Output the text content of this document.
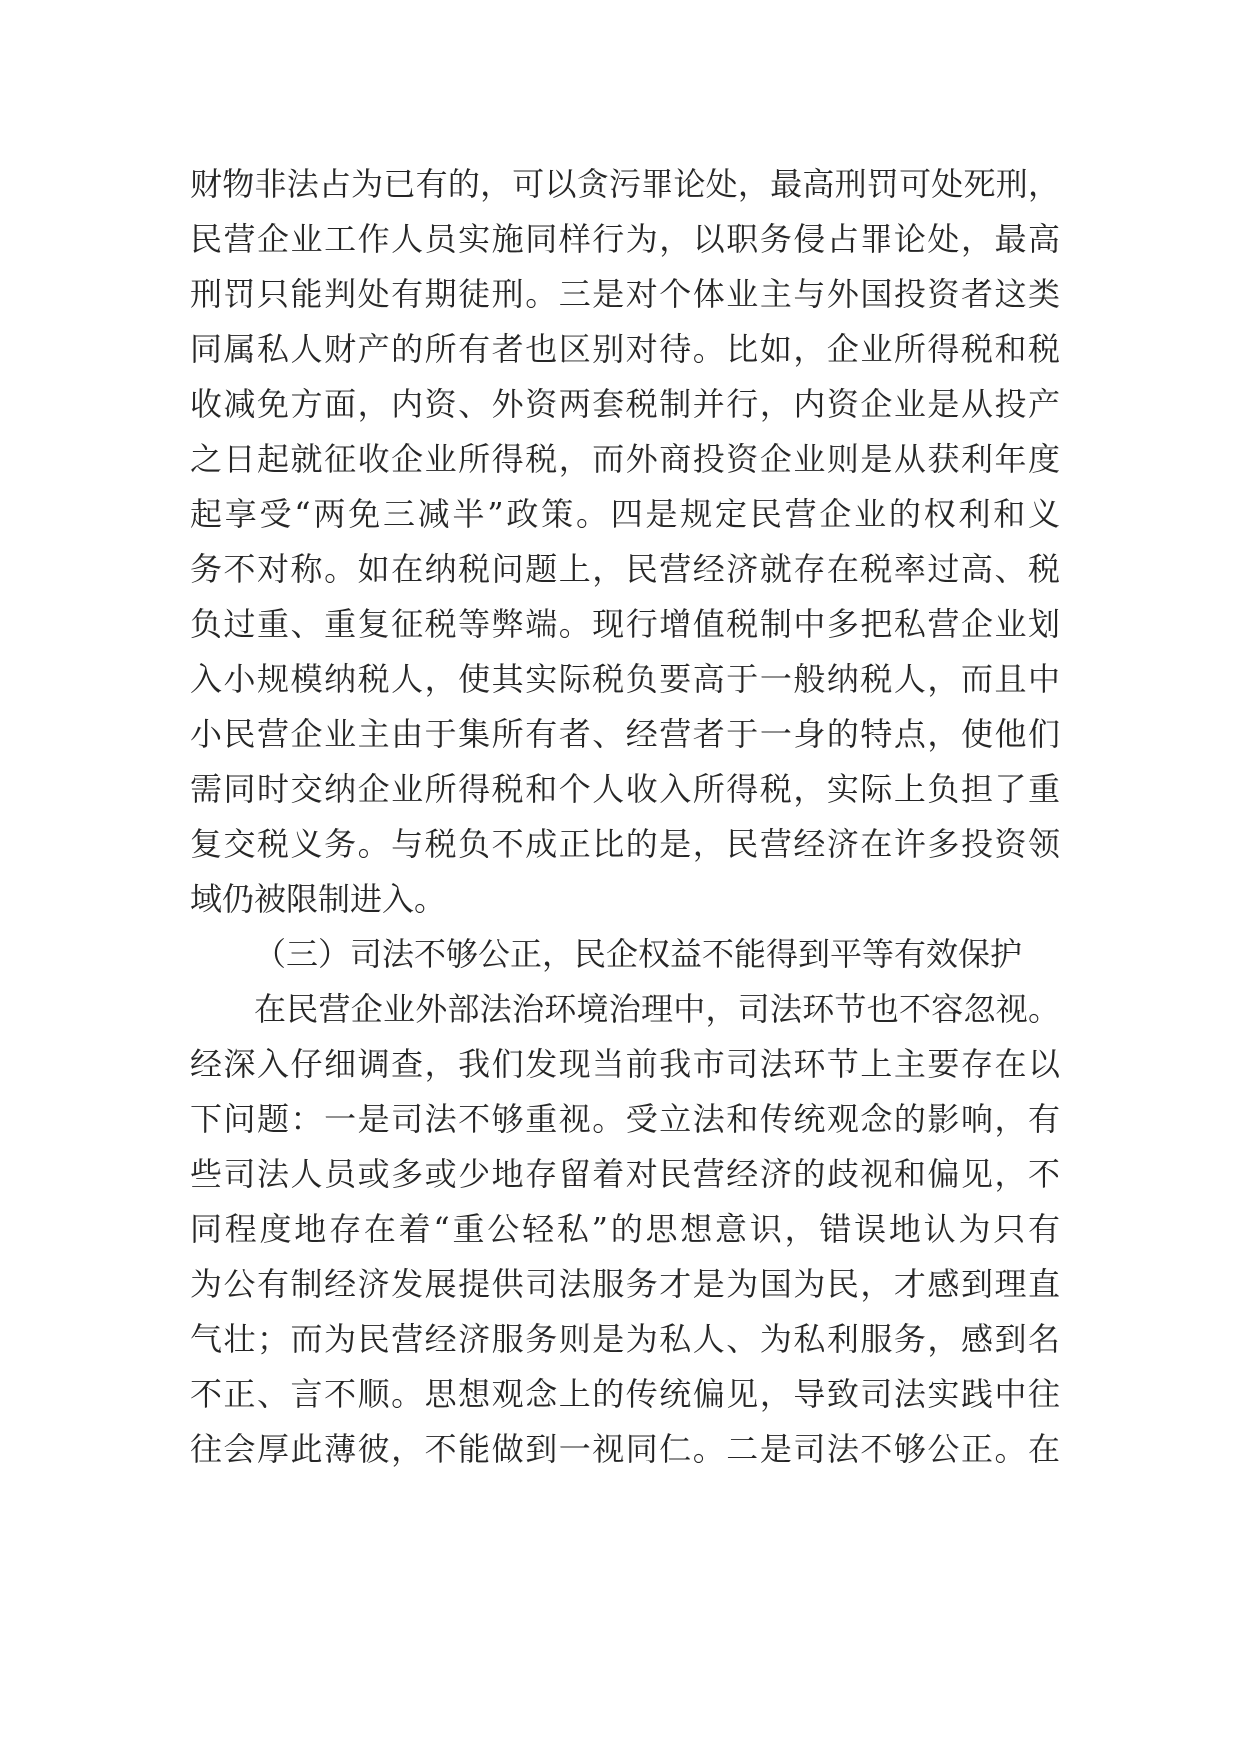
财物非法占为已有的，可以贪污罪论处，最高刑罚可处死刑，
民营企业工作人员实施同样行为，以职务侵占罪论处，最高
刑罚只能判处有期徒刑。三是对个体业主与外国投资者这类
同属私人财产的所有者也区别对待。比如，企业所得税和税
收减免方面，内资、外资两套税制并行，内资企业是从投产
之日起就征收企业所得税，而外商投资企业则是从获利年度
起享受“两免三减半”政策。四是规定民营企业的权利和义
务不对称。如在纳税问题上，民营经济就存在税率过高、税
负过重、重复征税等弊端。现行增值税制中多把私营企业划
入小规模纳税人，使其实际税负要高于一般纳税人，而且中
小民营企业主由于集所有者、经营者于一身的特点，使他们
需同时交纳企业所得税和个人收入所得税，实际上负担了重
复交税义务。与税负不成正比的是，民营经济在许多投资领
域仍被限制进入。
（三）司法不够公正，民企权益不能得到平等有效保护
在民营企业外部法治环境治理中，司法环节也不容忽视。
经深入仔细调查，我们发现当前我市司法环节上主要存在以
下问题：一是司法不够重视。受立法和传统观念的影响，有
些司法人员或多或少地存留着对民营经济的歧视和偏见，不
同程度地存在着“重公轻私”的思想意识，错误地认为只有
为公有制经济发展提供司法服务才是为国为民，才感到理直
气壮；而为民营经济服务则是为私人、为私利服务，感到名
不正、言不顺。思想观念上的传统偏见，导致司法实践中往
往会厚此薄彼，不能做到一视同仁。二是司法不够公正。在
